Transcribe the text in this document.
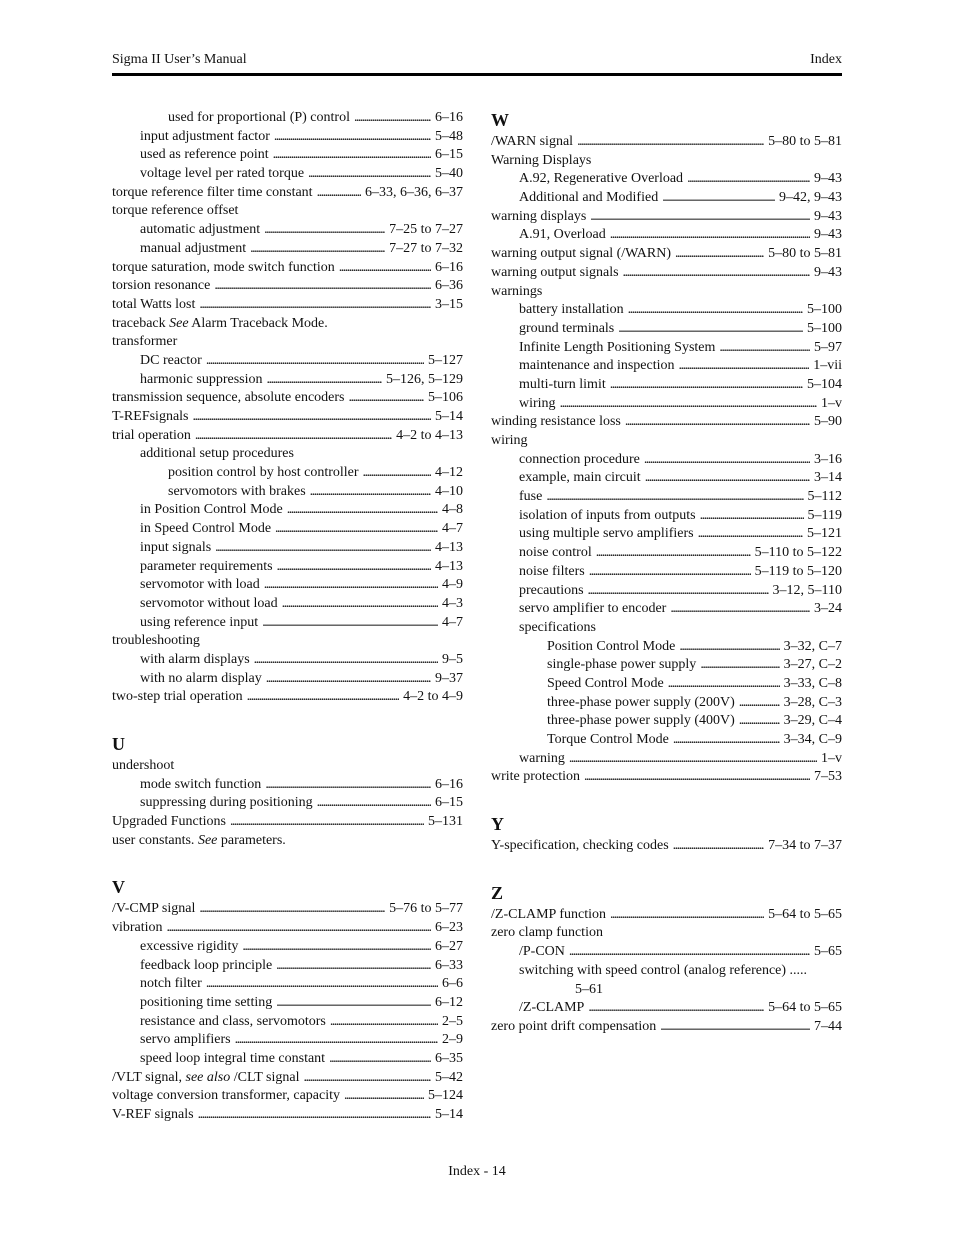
Sigma II User’s Manual	Index
used for proportional (P) control . . .	6–16
input adjustment factor . . .	5–48
used as reference point . . .	6–15
voltage level per rated torque . . .	5–40
torque reference filter time constant . . .	6–33, 6–36, 6–37
torque reference offset
automatic adjustment . . .	7–25 to 7–27
manual adjustment . . .	7–27 to 7–32
torque saturation, mode switch function . . .	6–16
torsion resonance . . .	6–36
total Watts lost . . .	3–15
traceback See Alarm Traceback Mode.
transformer
DC reactor . . .	5–127
harmonic suppression . . .	5–126, 5–129
transmission sequence, absolute encoders . . .	5–106
T-REFsignals . . .	5–14
trial operation . . .	4–2 to 4–13
additional setup procedures
position control by host controller . . .	4–12
servomotors with brakes . . .	4–10
in Position Control Mode . . .	4–8
in Speed Control Mode . . .	4–7
input signals . . .	4–13
parameter requirements . . .	4–13
servomotor with load . . .	4–9
servomotor without load . . .	4–3
using reference input . . .	4–7
troubleshooting
with alarm displays . . .	9–5
with no alarm display . . .	9–37
two-step trial operation . . .	4–2 to 4–9
U
undershoot
mode switch function . . .	6–16
suppressing during positioning . . .	6–15
Upgraded Functions . . .	5–131
user constants. See parameters.
V
/V-CMP signal . . .	5–76 to 5–77
vibration . . .	6–23
excessive rigidity . . .	6–27
feedback loop principle . . .	6–33
notch filter . . .	6–6
positioning time setting . . .	6–12
resistance and class, servomotors . . .	2–5
servo amplifiers . . .	2–9
speed loop integral time constant . . .	6–35
/VLT signal, see also /CLT signal . . .	5–42
voltage conversion transformer, capacity . . .	5–124
V-REF signals . . .	5–14
W
/WARN signal . . .	5–80 to 5–81
Warning Displays
A.92, Regenerative Overload . . .	9–43
Additional and Modified . . .	9–42, 9–43
warning displays . . .	9–43
A.91, Overload . . .	9–43
warning output signal (/WARN) . . .	5–80 to 5–81
warning output signals . . .	9–43
warnings
battery installation . . .	5–100
ground terminals . . .	5–100
Infinite Length Positioning System . . .	5–97
maintenance and inspection . . .	1–vii
multi-turn limit . . .	5–104
wiring . . .	1–v
winding resistance loss . . .	5–90
wiring
connection procedure . . .	3–16
example, main circuit . . .	3–14
fuse . . .	5–112
isolation of inputs from outputs . . .	5–119
using multiple servo amplifiers . . .	5–121
noise control . . .	5–110 to 5–122
noise filters . . .	5–119 to 5–120
precautions . . .	3–12, 5–110
servo amplifier to encoder . . .	3–24
specifications
Position Control Mode . . .	3–32, C–7
single-phase power supply . . .	3–27, C–2
Speed Control Mode . . .	3–33, C–8
three-phase power supply (200V) . . .	3–28, C–3
three-phase power supply (400V) . . .	3–29, C–4
Torque Control Mode . . .	3–34, C–9
warning . . .	1–v
write protection . . .	7–53
Y
Y-specification, checking codes . . .	7–34 to 7–37
Z
/Z-CLAMP function . . .	5–64 to 5–65
zero clamp function
/P-CON . . .	5–65
switching with speed control (analog reference) .....
5–61
/Z-CLAMP . . .	5–64 to 5–65
zero point drift compensation . . .	7–44
Index - 14
